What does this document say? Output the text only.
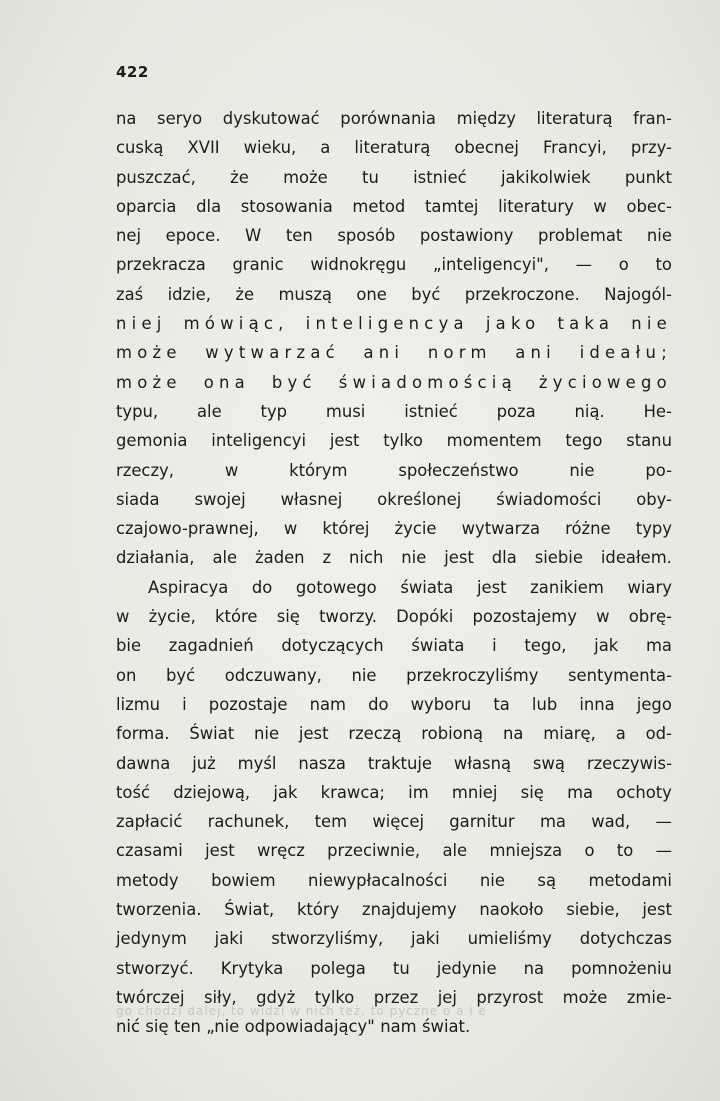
422
na seryo dyskutować porównania między literaturą fran-
cuską XVII wieku, a literaturą obecnej Francyi, przy-
puszczać, że może tu istnieć jakikolwiek punkt
oparcia dla stosowania metod tamtej literatury w obec-
nej epoce. W ten sposób postawiony problemat nie
przekracza granic widnokręgu „inteligencyi", — o to
zaś idzie, że muszą one być przekroczone. Najogól-
niej mówiąc, inteligencya jako taka nie
może wytwarzać ani norm ani ideału;
może ona być świadomością życiowego
typu, ale typ musi istnieć poza nią. He-
gemonia inteligencyi jest tylko momentem tego stanu
rzeczy,	w	którym	społeczeństwo	nie	po-
siada swojej własnej określonej świadomości oby-
czajowo-prawnej, w której życie wytwarza różne typy
działania, ale żaden z nich nie jest dla siebie ideałem.
Aspiracya do gotowego świata jest zanikiem wiary
w życie, które się tworzy. Dopóki pozostajemy w obrę-
bie zagadnień dotyczących świata i tego, jak ma
on być odczuwany, nie przekroczyliśmy sentymenta-
lizmu i pozostaje nam do wyboru ta lub inna jego
forma. Świat nie jest rzeczą robioną na miarę, a od-
dawna już myśl nasza traktuje własną swą rzeczywis-
tość dziejową, jak krawca; im mniej się ma ochoty
zapłacić rachunek, tem więcej garnitur ma wad, —
czasami jest wręcz przeciwnie, ale mniejsza o to —
metody bowiem niewypłacalności nie są metodami
tworzenia. Świat, który znajdujemy naokoło siebie, jest
jedynym jaki stworzyliśmy, jaki umieliśmy dotychczas
stworzyć. Krytyka polega tu jedynie na pomnożeniu
twórczej siły, gdyż tylko przez jej przyrost może zmie-
nić się ten „nie odpowiadający" nam świat.
go chodzi dalej, to widzi w nich też, to pyczne o a i e
